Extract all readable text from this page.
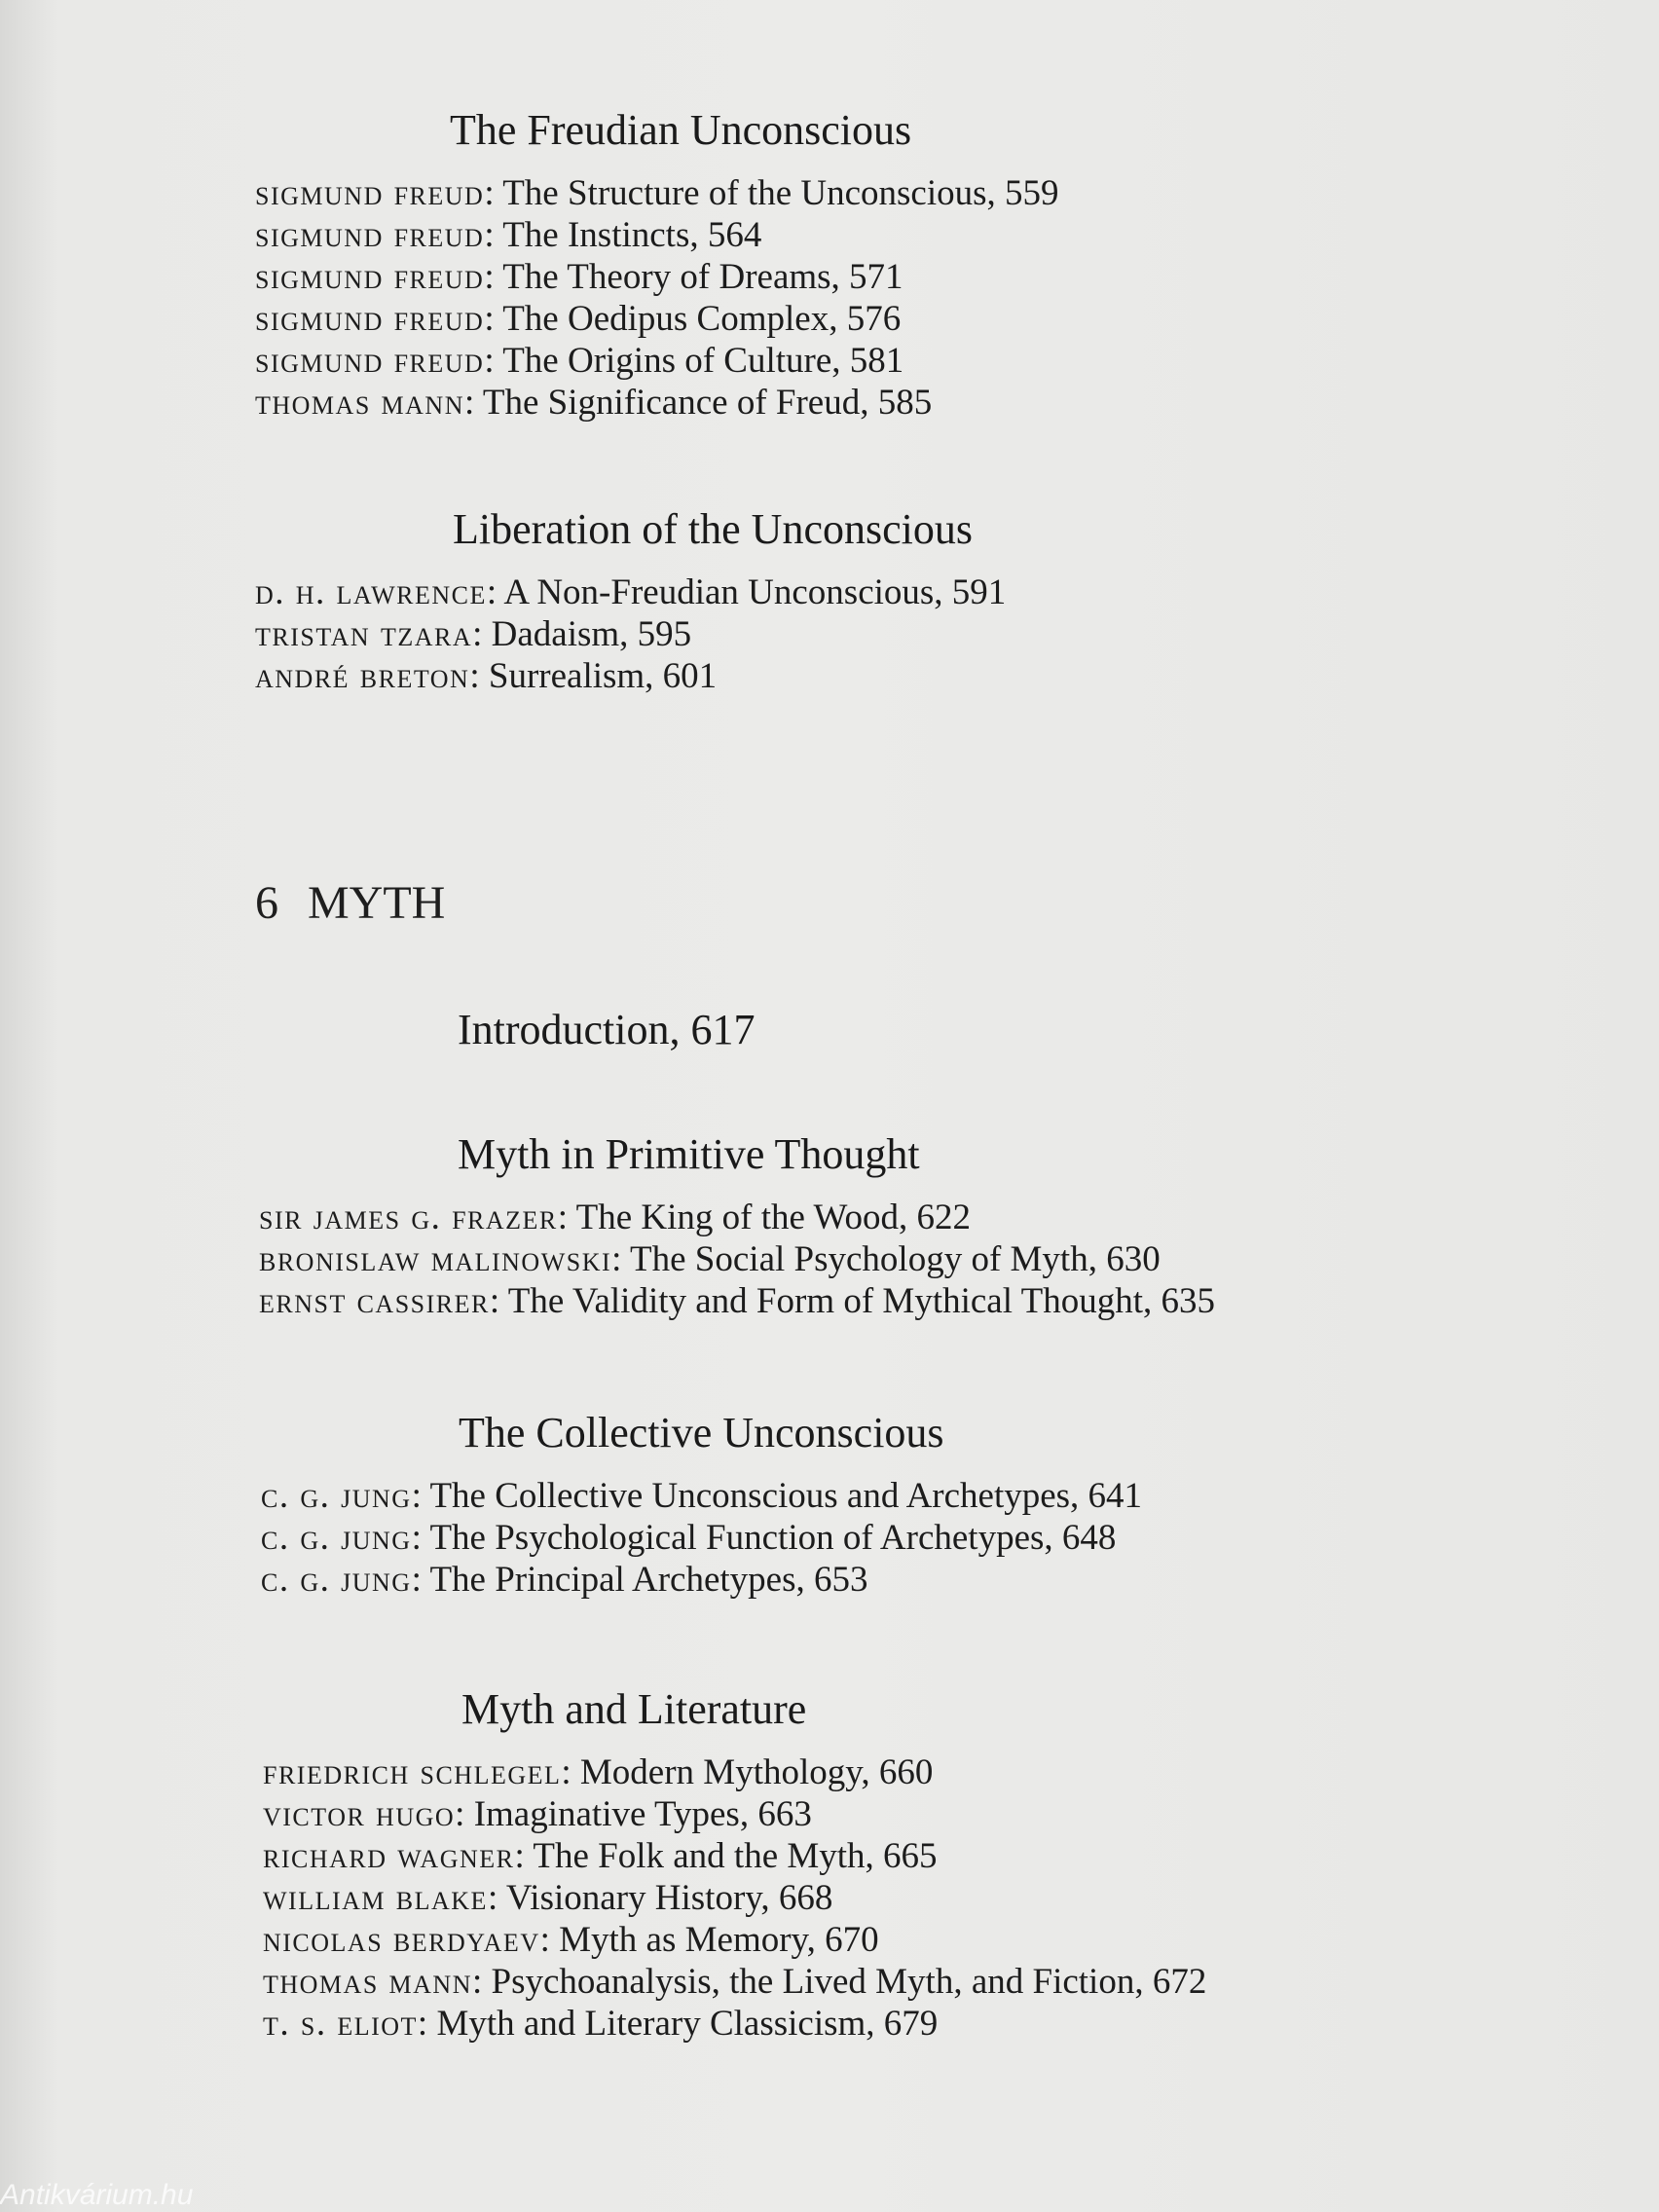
The Freudian Unconscious
sigmund freud: The Structure of the Unconscious, 559
sigmund freud: The Instincts, 564
sigmund freud: The Theory of Dreams, 571
sigmund freud: The Oedipus Complex, 576
sigmund freud: The Origins of Culture, 581
thomas mann: The Significance of Freud, 585
Liberation of the Unconscious
d. h. lawrence: A Non-Freudian Unconscious, 591
tristan tzara: Dadaism, 595
andré breton: Surrealism, 601
6 MYTH
Introduction, 617
Myth in Primitive Thought
sir james g. frazer: The King of the Wood, 622
bronislaw malinowski: The Social Psychology of Myth, 630
ernst cassirer: The Validity and Form of Mythical Thought, 635
The Collective Unconscious
c. g. jung: The Collective Unconscious and Archetypes, 641
c. g. jung: The Psychological Function of Archetypes, 648
c. g. jung: The Principal Archetypes, 653
Myth and Literature
friedrich schlegel: Modern Mythology, 660
victor hugo: Imaginative Types, 663
richard wagner: The Folk and the Myth, 665
william blake: Visionary History, 668
nicolas berdyaev: Myth as Memory, 670
thomas mann: Psychoanalysis, the Lived Myth, and Fiction, 672
t. s. eliot: Myth and Literary Classicism, 679
Antikvárium.hu
